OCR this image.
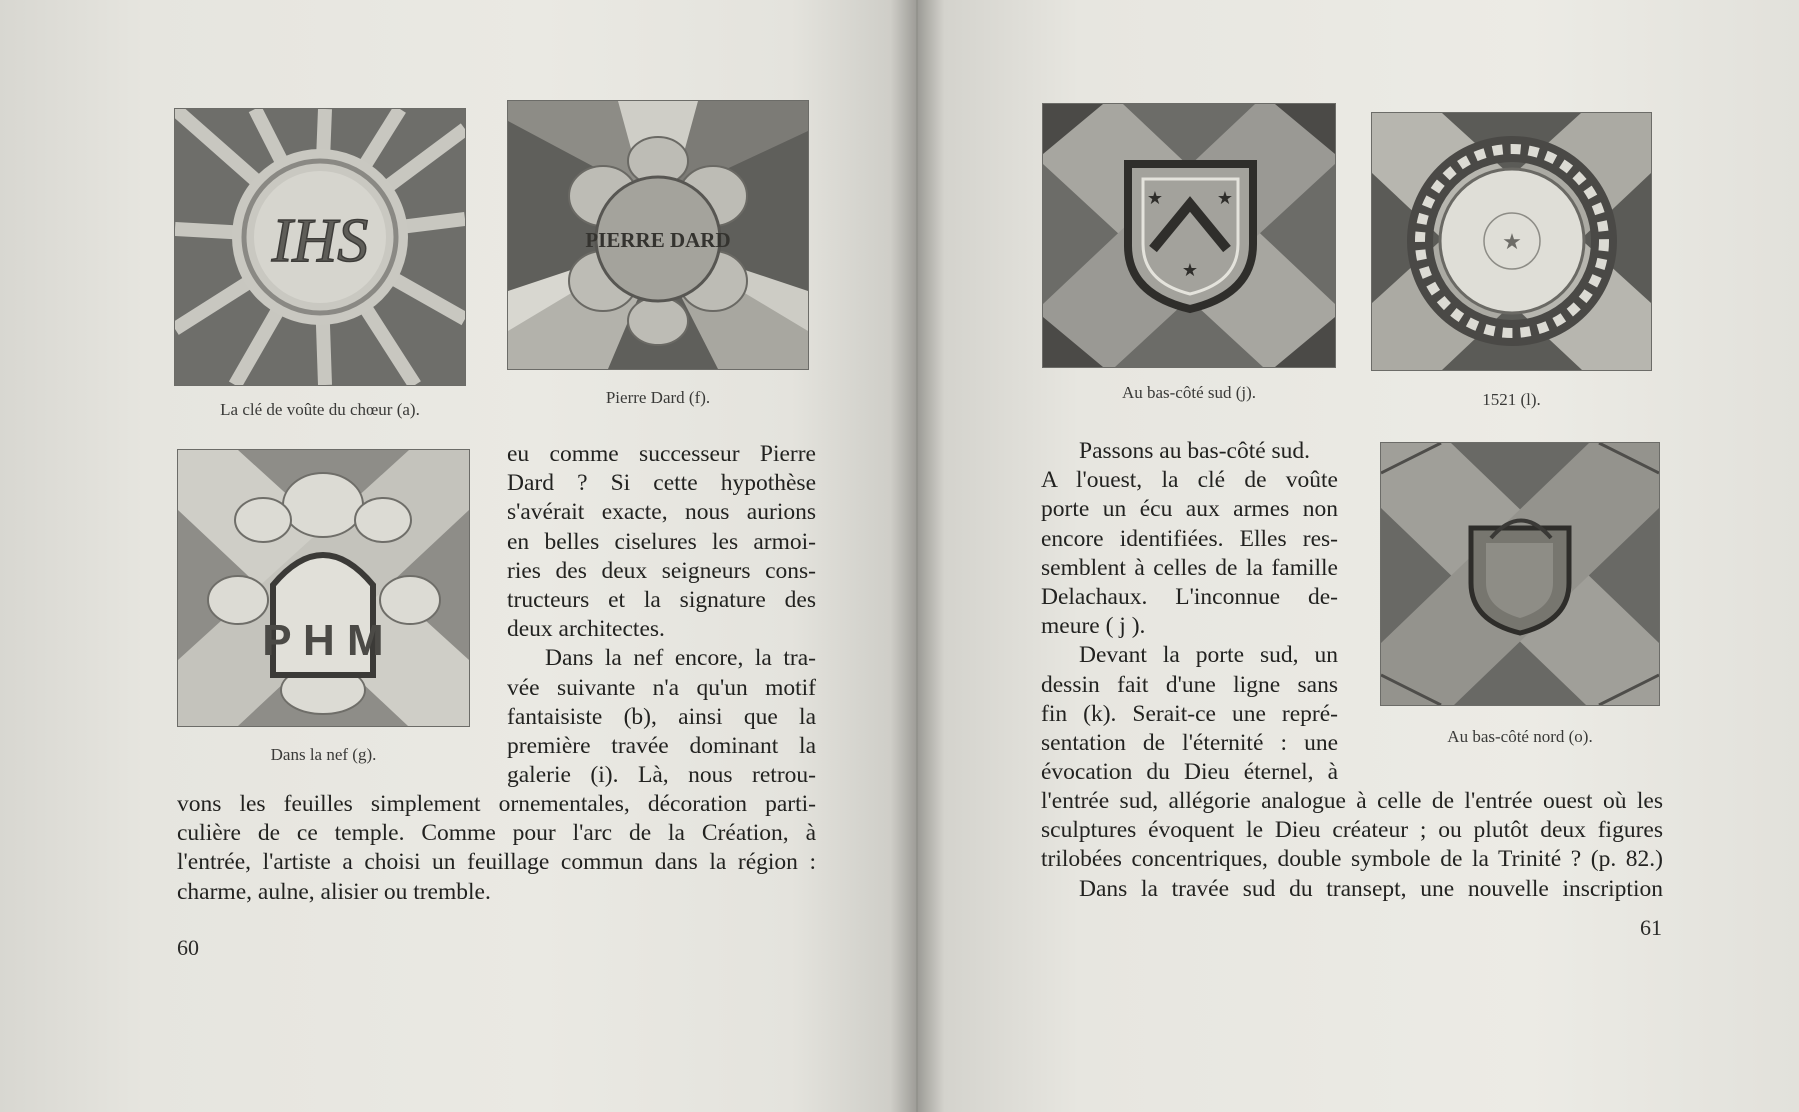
IHS
La clé de voûte du chœur (a).
PIERRE DARD
Pierre Dard (f).
P H M
Dans la nef (g).
eu comme successeur Pierre
Dard ? Si cette hypothèse
s'avérait exacte, nous aurions
en belles ciselures les armoi-
ries des deux seigneurs cons-
tructeurs et la signature des
deux architectes.
Dans la nef encore, la tra-
vée suivante n'a qu'un motif
fantaisiste (b), ainsi que la
première travée dominant la
galerie (i). Là, nous retrou-
vons les feuilles simplement ornementales, décoration parti-
culière de ce temple. Comme pour l'arc de la Création, à
l'entrée, l'artiste a choisi un feuillage commun dans la région :
charme, aulne, alisier ou tremble.
60
★	★
★
Au bas-côté sud (j).
★
1521 (l).
Au bas-côté nord (o).
Passons au bas-côté sud.
A l'ouest, la clé de voûte
porte un écu aux armes non
encore identifiées. Elles res-
semblent à celles de la famille
Delachaux. L'inconnue de-
meure ( j ).
Devant la porte sud, un
dessin fait d'une ligne sans
fin (k). Serait-ce une repré-
sentation de l'éternité : une
évocation du Dieu éternel, à
l'entrée sud, allégorie analogue à celle de l'entrée ouest où les
sculptures évoquent le Dieu créateur ; ou plutôt deux figures
trilobées concentriques, double symbole de la Trinité ? (p. 82.)
Dans la travée sud du transept, une nouvelle inscription
61
